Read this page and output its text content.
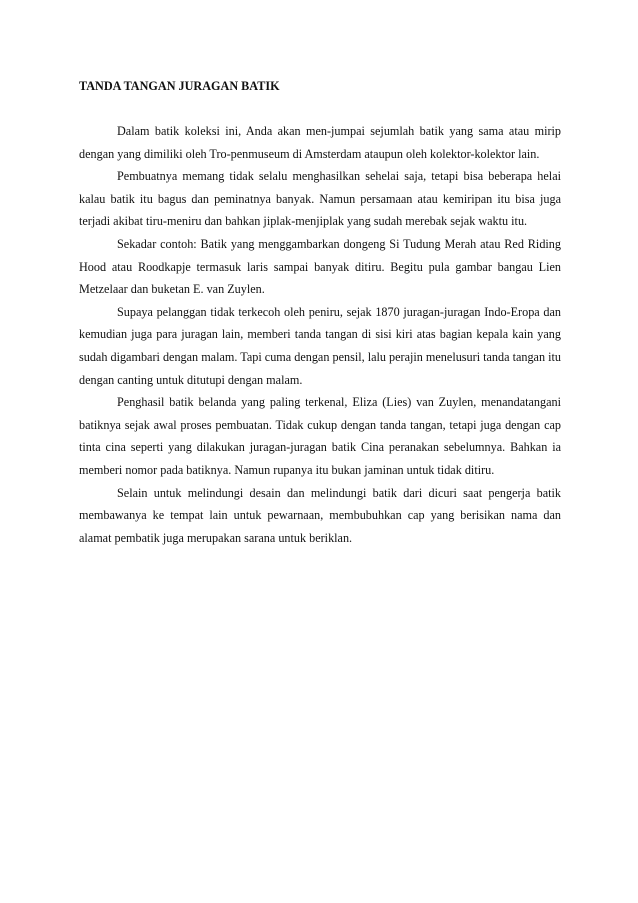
TANDA TANGAN JURAGAN BATIK

Dalam batik koleksi ini, Anda akan men-jumpai sejumlah batik yang sama atau mirip dengan yang dimiliki oleh Tro-penmuseum di Amsterdam ataupun oleh kolektor-kolektor lain.

Pembuatnya memang tidak selalu menghasilkan sehelai saja, tetapi bisa beberapa helai kalau batik itu bagus dan peminatnya banyak. Namun persamaan atau kemiripan itu bisa juga terjadi akibat tiru-meniru dan bahkan jiplak-menjiplak yang sudah merebak sejak waktu itu.

Sekadar contoh: Batik yang menggambarkan dongeng Si Tudung Merah atau Red Riding Hood atau Roodkapje termasuk laris sampai banyak ditiru. Begitu pula gambar bangau Lien Metzelaar dan buketan E. van Zuylen.

Supaya pelanggan tidak terkecoh oleh peniru, sejak 1870 juragan-juragan Indo-Eropa dan kemudian juga para juragan lain, memberi tanda tangan di sisi kiri atas bagian kepala kain yang sudah digambari dengan malam. Tapi cuma dengan pensil, lalu perajin menelusuri tanda tangan itu dengan canting untuk ditutupi dengan malam.

Penghasil batik belanda yang paling terkenal, Eliza (Lies) van Zuylen, menandatangani batiknya sejak awal proses pembuatan. Tidak cukup dengan tanda tangan, tetapi juga dengan cap tinta cina seperti yang dilakukan juragan-juragan batik Cina peranakan sebelumnya. Bahkan ia memberi nomor pada batiknya. Namun rupanya itu bukan jaminan untuk tidak ditiru.

Selain untuk melindungi desain dan melindungi batik dari dicuri saat pengerja batik membawanya ke tempat lain untuk pewarnaan, membubuhkan cap yang berisikan nama dan alamat pembatik juga merupakan sarana untuk beriklan.
